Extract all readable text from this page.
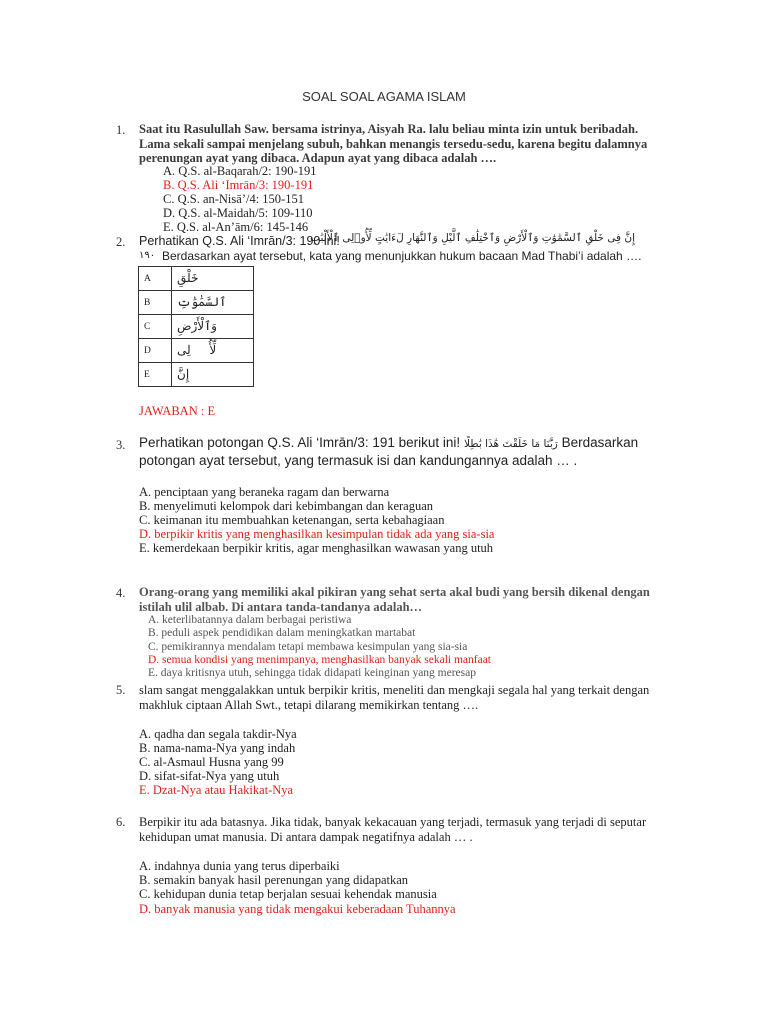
SOAL SOAL AGAMA ISLAM
1. Saat itu Rasulullah Saw. bersama istrinya, Aisyah Ra. lalu beliau minta izin untuk beribadah.
Lama sekali sampai menjelang subuh, bahkan menangis tersedu-sedu, karena begitu dalamnya
perenungan ayat yang dibaca. Adapun ayat yang dibaca adalah ….
A. Q.S. al-Baqarah/2: 190-191
B. Q.S. Ali ‘Imrān/3: 190-191
C. Q.S. an-Nisā’/4: 150-151
D. Q.S. al-Maidah/5: 109-110
E. Q.S. al-An’ām/6: 145-146
2. Perhatikan Q.S. Ali ‘Imrān/3: 190 ini!
إِنَّ فِى خَلْقِ ٱلسَّمَٰوَٰتِ وَٱلْأَرْضِ وَٱخْتِلَٰفِ ٱلَّيْلِ وَٱلنَّهَارِ لَءَايَٰتٍ لِّأُو۟لِى ٱلْأَلْبَٰبِ
١٩٠ Berdasarkan ayat tersebut, kata yang menunjukkan hukum bacaan Mad Thabi’i adalah ….
A	خَلْقِ
B	ٱلسَّمَٰوَٰتِ
C	وَٱلْأَرْضِ
D	لِّأُو۟لِى
E	إِنَّ
JAWABAN : E
3. Perhatikan potongan Q.S. Ali ‘Imrān/3: 191 berikut ini! رَبَّنَا مَا خَلَقْتَ هَٰذَا بَٰطِلًا Berdasarkan
potongan ayat tersebut, yang termasuk isi dan kandungannya adalah … .
A. penciptaan yang beraneka ragam dan berwarna
B. menyelimuti kelompok dari kebimbangan dan keraguan
C. keimanan itu membuahkan ketenangan, serta kebahagiaan
D. berpikir kritis yang menghasilkan kesimpulan tidak ada yang sia-sia
E. kemerdekaan berpikir kritis, agar menghasilkan wawasan yang utuh
4. Orang-orang yang memiliki akal pikiran yang sehat serta akal budi yang bersih dikenal dengan
istilah ulil albab. Di antara tanda-tandanya adalah…
A. keterlibatannya dalam berbagai peristiwa
B. peduli aspek pendidikan dalam meningkatkan martabat
C. pemikirannya mendalam tetapi membawa kesimpulan yang sia-sia
D. semua kondisi yang menimpanya, menghasilkan banyak sekali manfaat
E. daya kritisnya utuh, sehingga tidak didapati keinginan yang meresap
5. slam sangat menggalakkan untuk berpikir kritis, meneliti dan mengkaji segala hal yang terkait dengan
makhluk ciptaan Allah Swt., tetapi dilarang memikirkan tentang ….
A. qadha dan segala takdir-Nya
B. nama-nama-Nya yang indah
C. al-Asmaul Husna yang 99
D. sifat-sifat-Nya yang utuh
E. Dzat-Nya atau Hakikat-Nya
6. Berpikir itu ada batasnya. Jika tidak, banyak kekacauan yang terjadi, termasuk yang terjadi di seputar
kehidupan umat manusia. Di antara dampak negatifnya adalah … .
A. indahnya dunia yang terus diperbaiki
B. semakin banyak hasil perenungan yang didapatkan
C. kehidupan dunia tetap berjalan sesuai kehendak manusia
D. banyak manusia yang tidak mengakui keberadaan Tuhannya
